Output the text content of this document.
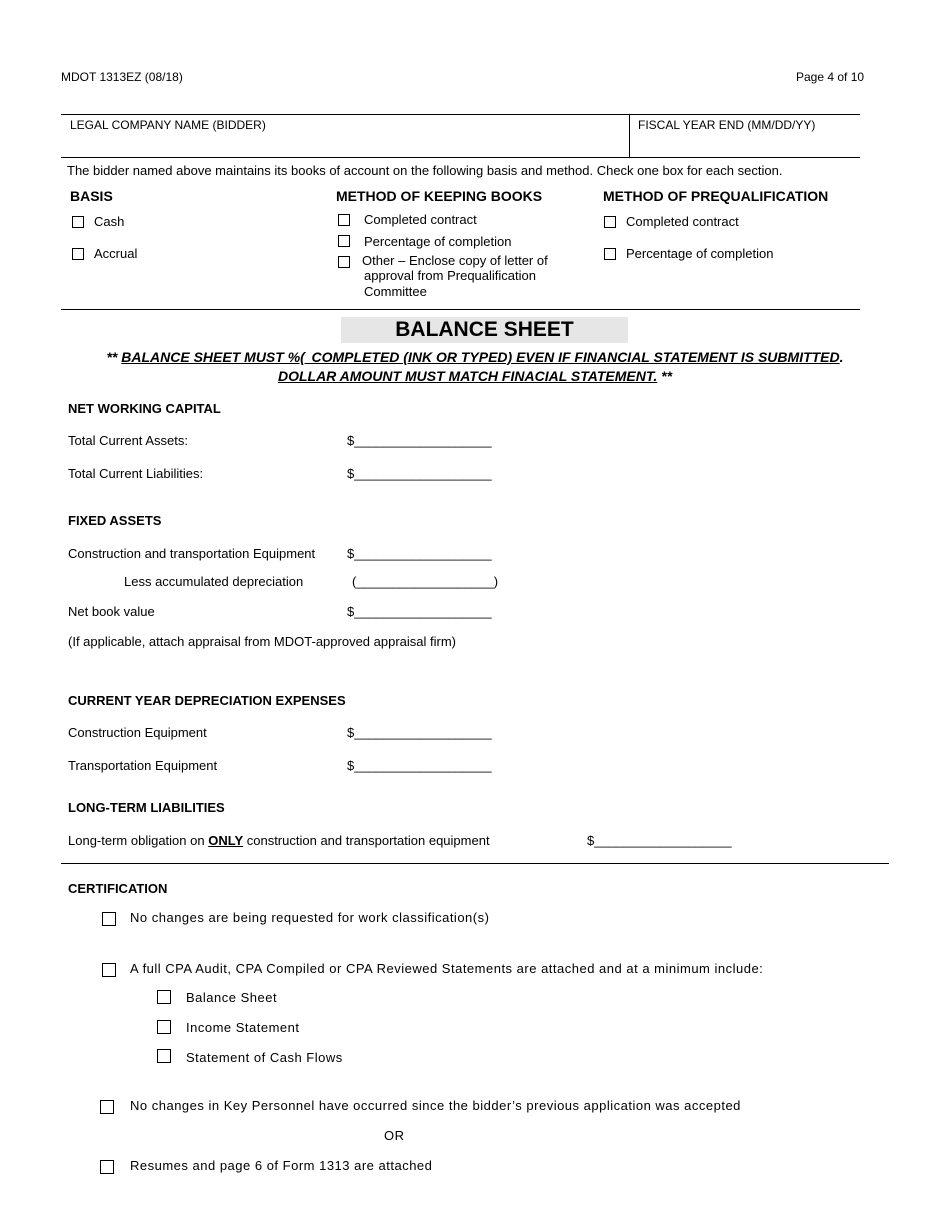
MDOT 1313EZ (08/18)	Page 4 of 10
LEGAL COMPANY NAME (BIDDER)	FISCAL YEAR END (MM/DD/YY)
The bidder named above maintains its books of account on the following basis and method. Check one box for each section.
BASIS
Cash
Accrual
METHOD OF KEEPING BOOKS
Completed contract
Percentage of completion
Other – Enclose copy of letter of
approval from Prequalification
Committee
METHOD OF PREQUALIFICATION
Completed contract
Percentage of completion
BALANCE SHEET
** BALANCE SHEET MUST %(  COMPLETED (INK OR TYPED) EVEN IF FINANCIAL STATEMENT IS SUBMITTED.
DOLLAR AMOUNT MUST MATCH FINACIAL STATEMENT. **
NET WORKING CAPITAL
Total Current Assets:	$___________________
Total Current Liabilities:	$___________________
FIXED ASSETS
Construction and transportation Equipment $___________________
Less accumulated depreciation	(___________________)
Net book value	$___________________
(If applicable, attach appraisal from MDOT-approved appraisal firm)
CURRENT YEAR DEPRECIATION EXPENSES
Construction Equipment	$___________________
Transportation Equipment	$___________________
LONG-TERM LIABILITIES
Long-term obligation on ONLY construction and transportation equipment	$___________________
CERTIFICATION
No changes are being requested for work classification(s)
A full CPA Audit, CPA Compiled or CPA Reviewed Statements are attached and at a minimum include:
Balance Sheet
Income Statement
Statement of Cash Flows
No changes in Key Personnel have occurred since the bidder’s previous application was accepted
OR
Resumes and page 6 of Form 1313 are attached
